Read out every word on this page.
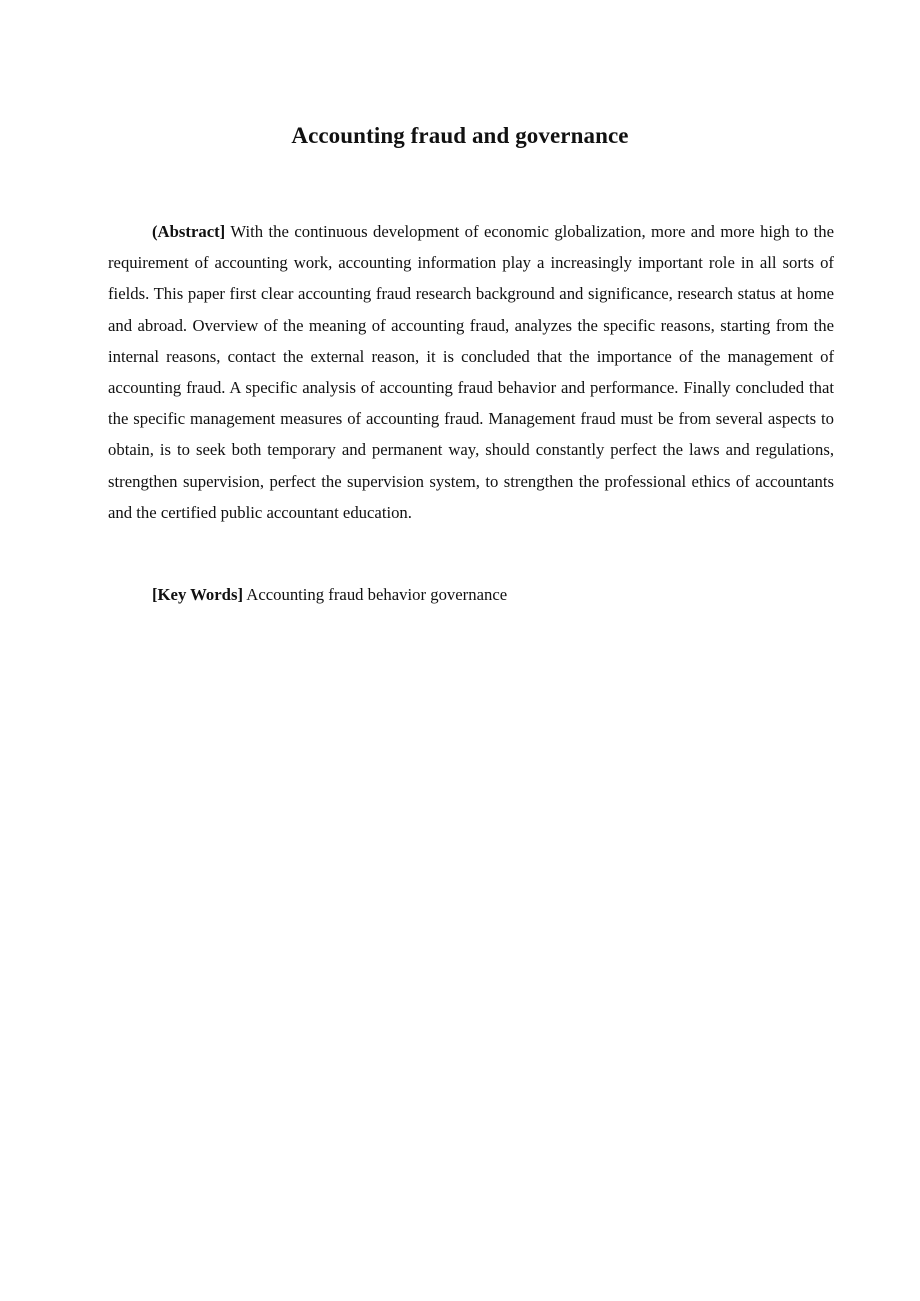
Accounting fraud and governance

(Abstract] With the continuous development of economic globalization, more and more high to the requirement of accounting work, accounting information play a increasingly important role in all sorts of fields. This paper first clear accounting fraud research background and significance, research status at home and abroad. Overview of the meaning of accounting fraud, analyzes the specific reasons, starting from the internal reasons, contact the external reason, it is concluded that the importance of the management of accounting fraud. A specific analysis of accounting fraud behavior and performance. Finally concluded that the specific management measures of accounting fraud. Management fraud must be from several aspects to obtain, is to seek both temporary and permanent way, should constantly perfect the laws and regulations, strengthen supervision, perfect the supervision system, to strengthen the professional ethics of accountants and the certified public accountant education.

[Key Words] Accounting fraud behavior governance
